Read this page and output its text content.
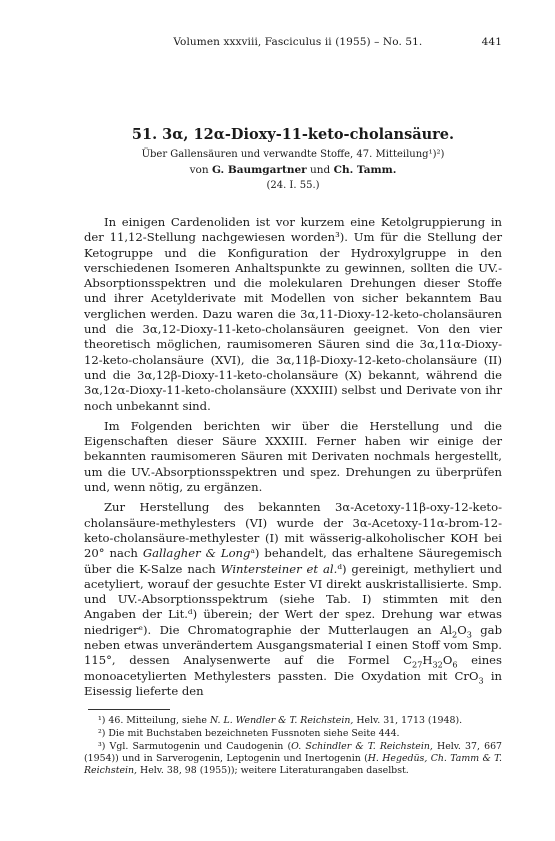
Volumen xxxviii, Fasciculus ii (1955) – No. 51.	441
51. 3α, 12α-Dioxy-11-keto-cholansäure.
Über Gallensäuren und verwandte Stoffe, 47. Mitteilung¹)²)
von G. Baumgartner und Ch. Tamm.
(24. I. 55.)

In einigen Cardenoliden ist vor kurzem eine Ketolgruppierung in der 11,12-Stellung nachgewiesen worden³). Um für die Stellung der Ketogruppe und die Konfiguration der Hydroxylgruppe in den verschiedenen Isomeren Anhaltspunkte zu gewinnen, sollten die UV.-Absorptionsspektren und die molekularen Drehungen dieser Stoffe und ihrer Acetylderivate mit Modellen von sicher bekanntem Bau verglichen werden. Dazu waren die 3α,11-Dioxy-12-keto-cholansäuren und die 3α,12-Dioxy-11-keto-cholansäuren geeignet. Von den vier theoretisch möglichen, raumisomeren Säuren sind die 3α,11α-Dioxy-12-keto-cholansäure (XVI), die 3α,11β-Dioxy-12-keto-cholansäure (II) und die 3α,12β-Dioxy-11-keto-cholansäure (X) bekannt, während die 3α,12α-Dioxy-11-keto-cholansäure (XXXIII) selbst und Derivate von ihr noch unbekannt sind.

Im Folgenden berichten wir über die Herstellung und die Eigenschaften dieser Säure XXXIII. Ferner haben wir einige der bekannten raumisomeren Säuren mit Derivaten nochmals hergestellt, um die UV.-Absorptionsspektren und spez. Drehungen zu überprüfen und, wenn nötig, zu ergänzen.

Zur Herstellung des bekannten 3α-Acetoxy-11β-oxy-12-keto-cholansäure-methylesters (VI) wurde der 3α-Acetoxy-11α-brom-12-keto-cholansäure-methylester (I) mit wässerig-alkoholischer KOH bei 20° nach Gallagher & Longᵃ) behandelt, das erhaltene Säuregemisch über die K-Salze nach Wintersteiner et al.ᵈ) gereinigt, methyliert und acetyliert, worauf der gesuchte Ester VI direkt auskristallisierte. Smp. und UV.-Absorptionsspektrum (siehe Tab. I) stimmten mit den Angaben der Lit.ᵈ) überein; der Wert der spez. Drehung war etwas niedrigerᵉ). Die Chromatographie der Mutterlaugen an $Al_2O_3$ gab neben etwas unverändertem Ausgangsmaterial I einen Stoff vom Smp. 115°, dessen Analysenwerte auf die Formel $C_{27}H_{32}O_6$ eines monoacetylierten Methylesters passten. Die Oxydation mit CrO$_3$ in Eisessig lieferte den

¹) 46. Mitteilung, siehe N. L. Wendler & T. Reichstein, Helv. 31, 1713 (1948).

²) Die mit Buchstaben bezeichneten Fussnoten siehe Seite 444.

³) Vgl. Sarmutogenin und Caudogenin (O. Schindler & T. Reichstein, Helv. 37, 667 (1954)) und in Sarverogenin, Leptogenin und Inertogenin (H. Hegedüs, Ch. Tamm & T. Reichstein, Helv. 38, 98 (1955)); weitere Literaturangaben daselbst.
